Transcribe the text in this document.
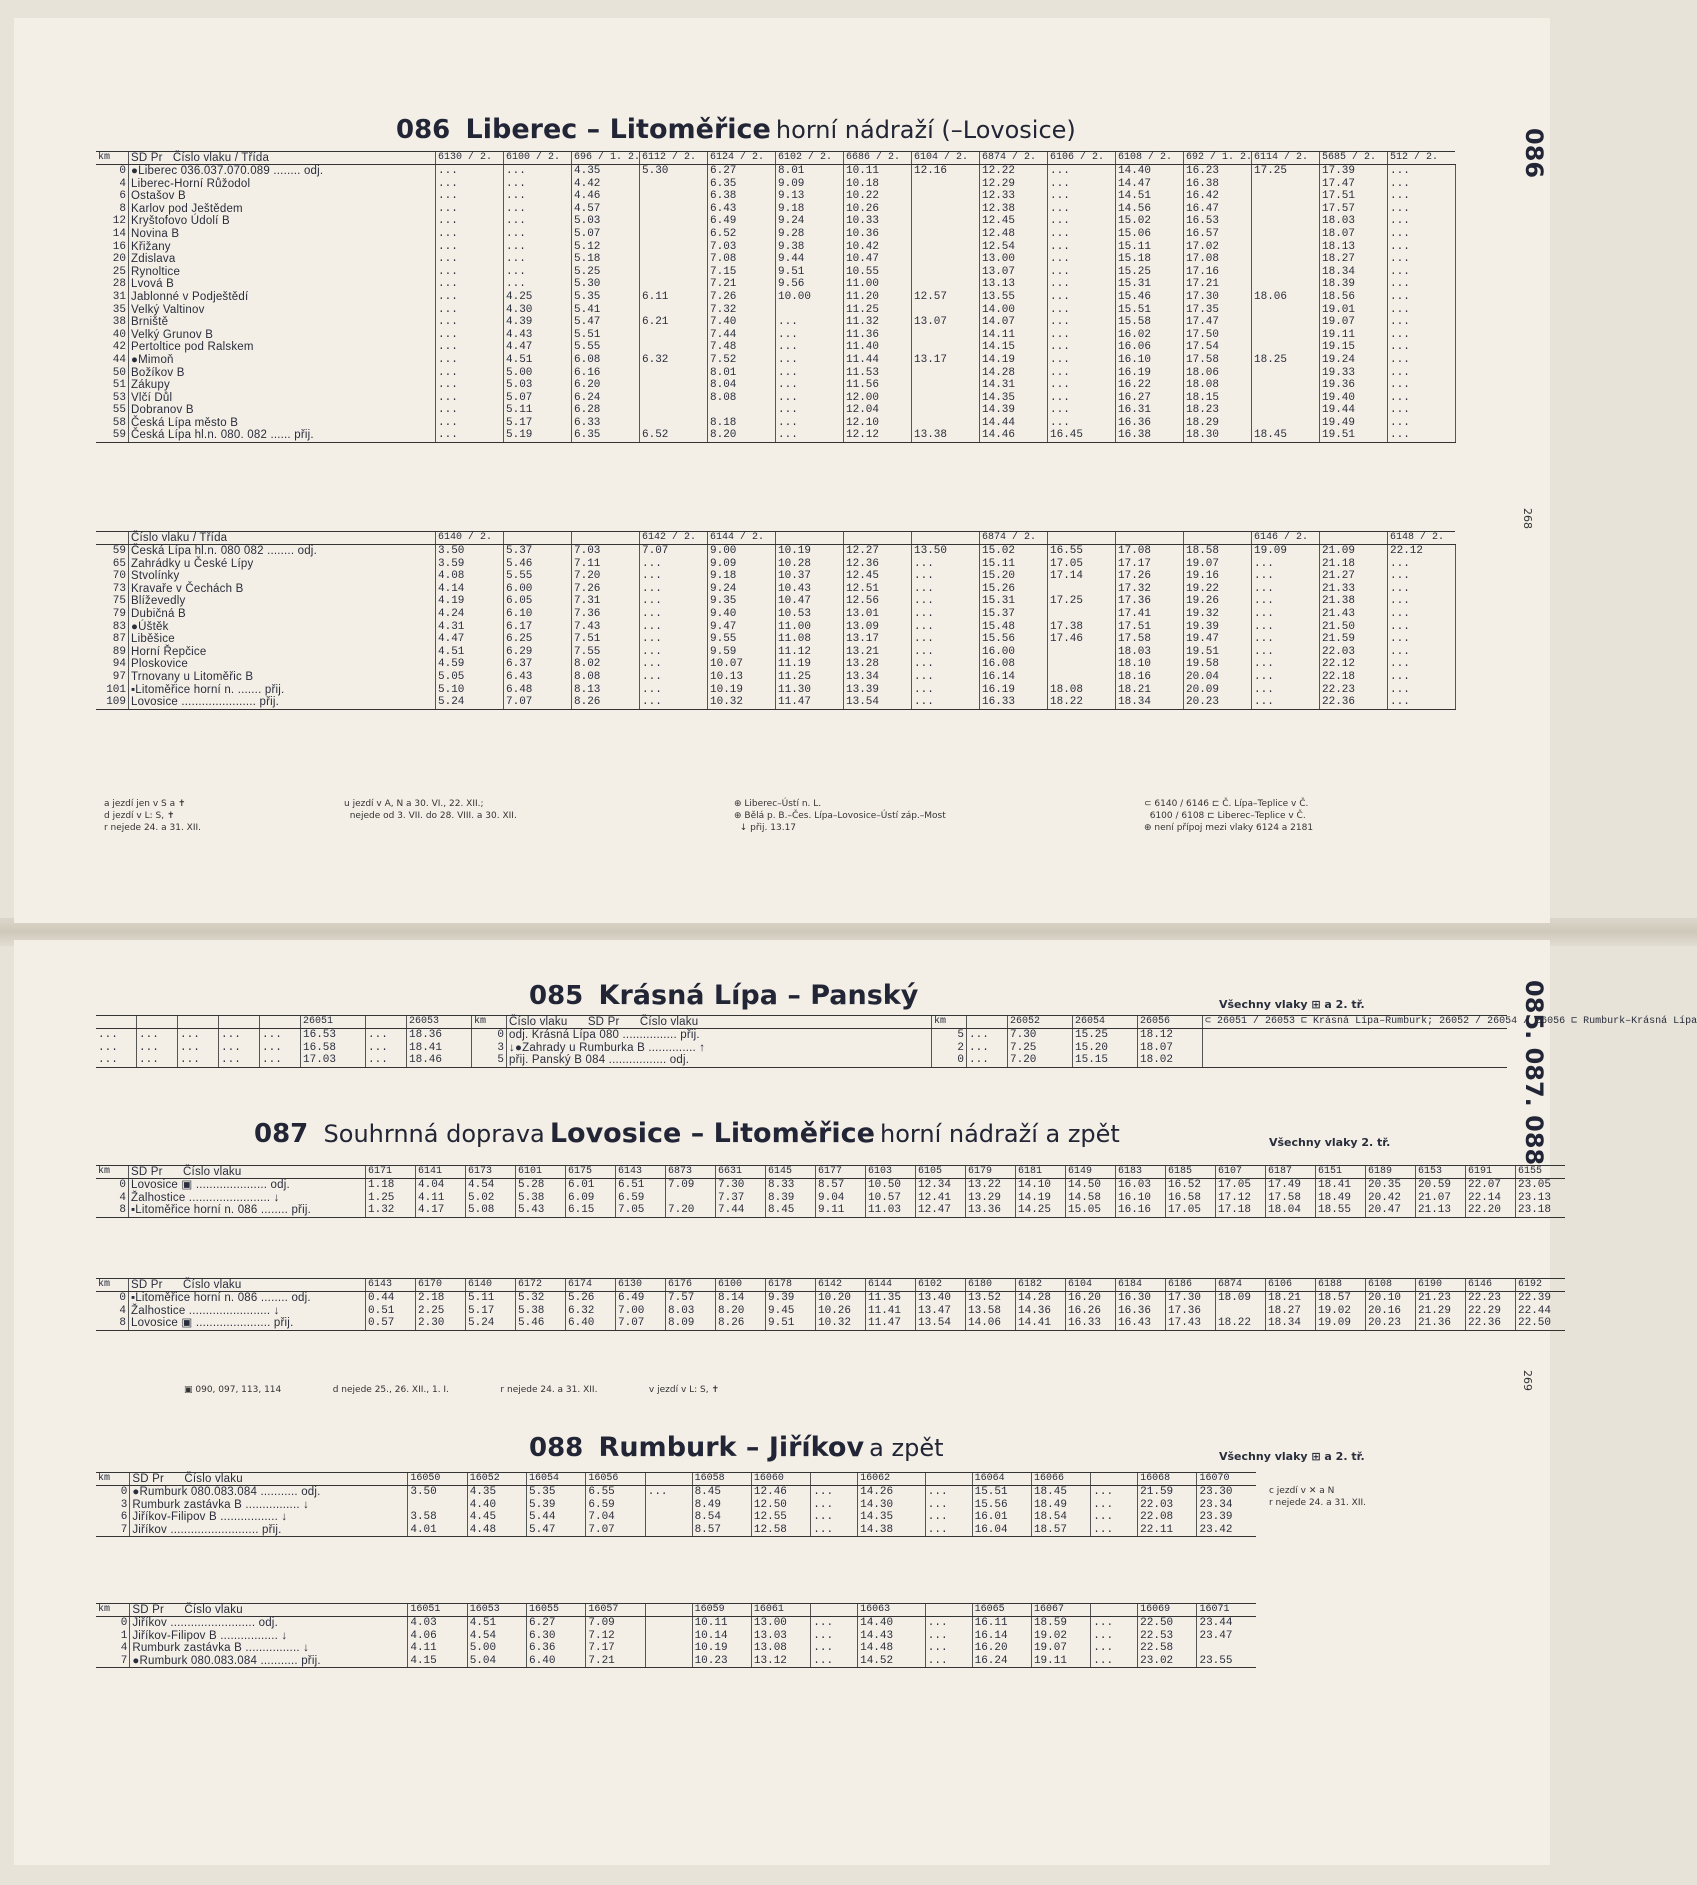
086 Liberec – Litoměřice horní nádraží (–Lovosice)	086
268
km	SD Pr   Číslo vlaku / Třída	6130 / 2.	6100 / 2.	696 / 1. 2.	6112 / 2.	6124 / 2.	6102 / 2.	6686 / 2.	6104 / 2.	6874 / 2.	6106 / 2.	6108 / 2.	692 / 1. 2.	6114 / 2.	5685 / 2.	512 / 2.	
0	●Liberec 036.037.070.089 ........ odj.	...	...	4.35	5.30	6.27	8.01	10.11	12.16	12.22	...	14.40	16.23	17.25	17.39	...		
4	Liberec-Horní Růžodol	...	...	4.42		6.35	9.09	10.18		12.29	...	14.47	16.38		17.47	...		
6	Ostašov B	...	...	4.46		6.38	9.13	10.22		12.33	...	14.51	16.42		17.51	...		
8	Karlov pod Ještědem	...	...	4.57		6.43	9.18	10.26		12.38	...	14.56	16.47		17.57	...		
12	Kryštofovo Údolí B	...	...	5.03		6.49	9.24	10.33		12.45	...	15.02	16.53		18.03	...		
14	Novina B	...	...	5.07		6.52	9.28	10.36		12.48	...	15.06	16.57		18.07	...		
16	Křižany	...	...	5.12		7.03	9.38	10.42		12.54	...	15.11	17.02		18.13	...		
20	Zdislava	...	...	5.18		7.08	9.44	10.47		13.00	...	15.18	17.08		18.27	...		
25	Rynoltice	...	...	5.25		7.15	9.51	10.55		13.07	...	15.25	17.16		18.34	...		
28	Lvová B	...	...	5.30		7.21	9.56	11.00		13.13	...	15.31	17.21		18.39	...		
31	Jablonné v Podještědí	...	4.25	5.35	6.11	7.26	10.00	11.20	12.57	13.55	...	15.46	17.30	18.06	18.56	...		
35	Velký Valtinov	...	4.30	5.41		7.32		11.25		14.00	...	15.51	17.35		19.01	...		
38	Brniště	...	4.39	5.47	6.21	7.40	...	11.32	13.07	14.07	...	15.58	17.47		19.07	...		
40	Velký Grunov B	...	4.43	5.51		7.44	...	11.36		14.11	...	16.02	17.50		19.11	...		
42	Pertoltice pod Ralskem	...	4.47	5.55		7.48	...	11.40		14.15	...	16.06	17.54		19.15	...		
44	●Mimoň	...	4.51	6.08	6.32	7.52	...	11.44	13.17	14.19	...	16.10	17.58	18.25	19.24	...		
50	Božíkov B	...	5.00	6.16		8.01	...	11.53		14.28	...	16.19	18.06		19.33	...		
51	Zákupy	...	5.03	6.20		8.04	...	11.56		14.31	...	16.22	18.08		19.36	...		
53	Vlčí Důl	...	5.07	6.24		8.08	...	12.00		14.35	...	16.27	18.15		19.40	...		
55	Dobranov B	...	5.11	6.28			...	12.04		14.39	...	16.31	18.23		19.44	...		
58	Česká Lípa město B	...	5.17	6.33		8.18	...	12.10		14.44	...	16.36	18.29		19.49	...		
59	Česká Lípa hl.n. 080. 082 ...... přij.	...	5.19	6.35	6.52	8.20	...	12.12	13.38	14.46	16.45	16.38	18.30	18.45	19.51	...		
	Číslo vlaku / Třída	6140 / 2.			6142 / 2.	6144 / 2.				6874 / 2.				6146 / 2.		6148 / 2.	
59	Česká Lípa hl.n. 080 082 ........ odj.	3.50	5.37	7.03	7.07	9.00	10.19	12.27	13.50	15.02	16.55	17.08	18.58	19.09	21.09	22.12	
65	Zahrádky u České Lípy	3.59	5.46	7.11	...	9.09	10.28	12.36	...	15.11	17.05	17.17	19.07	...	21.18	...	
70	Stvolínky	4.08	5.55	7.20	...	9.18	10.37	12.45	...	15.20	17.14	17.26	19.16	...	21.27	...	
73	Kravaře v Čechách B	4.14	6.00	7.26	...	9.24	10.43	12.51	...	15.26		17.32	19.22	...	21.33	...	
75	Blíževedly	4.19	6.05	7.31	...	9.35	10.47	12.56	...	15.31	17.25	17.36	19.26	...	21.38	...	
79	Dubičná B	4.24	6.10	7.36	...	9.40	10.53	13.01	...	15.37		17.41	19.32	...	21.43	...	
83	●Úštěk	4.31	6.17	7.43	...	9.47	11.00	13.09	...	15.48	17.38	17.51	19.39	...	21.50	...	
87	Liběšice	4.47	6.25	7.51	...	9.55	11.08	13.17	...	15.56	17.46	17.58	19.47	...	21.59	...	
89	Horní Řepčice	4.51	6.29	7.55	...	9.59	11.12	13.21	...	16.00		18.03	19.51	...	22.03	...	
94	Ploskovice	4.59	6.37	8.02	...	10.07	11.19	13.28	...	16.08		18.10	19.58	...	22.12	...	
97	Trnovany u Litoměřic B	5.05	6.43	8.08	...	10.13	11.25	13.34	...	16.14		18.16	20.04	...	22.18	...	
101	▪Litoměřice horní n. ....... přij.	5.10	6.48	8.13	...	10.19	11.30	13.39	...	16.19	18.08	18.21	20.09	...	22.23	...	
109	Lovosice ...................... přij.	5.24	7.07	8.26	...	10.32	11.47	13.54	...	16.33	18.22	18.34	20.23	...	22.36	...	
a jezdí jen v S a ✝
d jezdí v L: S, ✝
r nejede 24. a 31. XII.
u jezdí v A, N a 30. VI., 22. XII.;
nejede od 3. VII. do 28. VIII. a 30. XII.
⊕ Liberec–Ústí n. L.
⊕ Bělá p. B.–Čes. Lípa–Lovosice–Ústí záp.–Most
↓ přij. 13.17
⊂ 6140 / 6146 ⊏ Č. Lípa–Teplice v Č.
6100 / 6108 ⊏ Liberec–Teplice v Č.
⊕ není přípoj mezi vlaky 6124 a 2181
085. 087. 088
269
085 Krásná Lípa – Panský	Všechny vlaky ⊞ a 2. tř.
					26051		26053	km	Číslo vlaku      SD Pr      Číslo vlaku	km		26052	26054	26056	⊂ 26051 / 26053 ⊏ Krásná Lípa–Rumburk; 26052 / 26054 / 26056 ⊏ Rumburk–Krásná Lípa
...	...	...	...	...	16.53	...	18.36	0	odj. Krásná Lípa 080 ................ přij.	5	...	7.30	15.25	18.12	
...	...	...	...	...	16.58	...	18.41	3	↓●Zahrady u Rumburka B .............. ↑	2	...	7.25	15.20	18.07	
...	...	...	...	...	17.03	...	18.46	5	přij. Panský B 084 ................. odj.	0	...	7.20	15.15	18.02	
087 Souhrnná doprava Lovosice – Litoměřice horní nádraží a zpět	Všechny vlaky 2. tř.
km	SD Pr      Číslo vlaku	6171	6141	6173	6101	6175	6143	6873	6631	6145	6177	6103	6105	6179	6181	6149	6183	6185	6107	6187	6151	6189	6153	6191	6155
0	Lovosice ▣ ..................... odj.	1.18	4.04	4.54	5.28	6.01	6.51	7.09	7.30	8.33	8.57	10.50	12.34	13.22	14.10	14.50	16.03	16.52	17.05	17.49	18.41	20.35	20.59	22.07	23.05
4	Žalhostice ........................ ↓	1.25	4.11	5.02	5.38	6.09	6.59		7.37	8.39	9.04	10.57	12.41	13.29	14.19	14.58	16.10	16.58	17.12	17.58	18.49	20.42	21.07	22.14	23.13
8	▪Litoměřice horní n. 086 ........ přij.	1.32	4.17	5.08	5.43	6.15	7.05	7.20	7.44	8.45	9.11	11.03	12.47	13.36	14.25	15.05	16.16	17.05	17.18	18.04	18.55	20.47	21.13	22.20	23.18
km	SD Pr      Číslo vlaku	6143	6170	6140	6172	6174	6130	6176	6100	6178	6142	6144	6102	6180	6182	6104	6184	6186	6874	6106	6188	6108	6190	6146	6192
0	▪Litoměřice horní n. 086 ........ odj.	0.44	2.18	5.11	5.32	5.26	6.49	7.57	8.14	9.39	10.20	11.35	13.40	13.52	14.28	16.20	16.30	17.30	18.09	18.21	18.57	20.10	21.23	22.23	22.39
4	Žalhostice ........................ ↓	0.51	2.25	5.17	5.38	6.32	7.00	8.03	8.20	9.45	10.26	11.41	13.47	13.58	14.36	16.26	16.36	17.36		18.27	19.02	20.16	21.29	22.29	22.44
8	Lovosice ▣ ...................... přij.	0.57	2.30	5.24	5.46	6.40	7.07	8.09	8.26	9.51	10.32	11.47	13.54	14.06	14.41	16.33	16.43	17.43	18.22	18.34	19.09	20.23	21.36	22.36	22.50
▣ 090, 097, 113, 114                  d nejede 25., 26. XII., 1. I.                  r nejede 24. a 31. XII.                  v jezdí v L: S, ✝
088 Rumburk – Jiříkov a zpět	Všechny vlaky ⊞ a 2. tř.
km	SD Pr      Číslo vlaku	16050	16052	16054	16056		16058	16060		16062		16064	16066		16068	16070
0	●Rumburk 080.083.084 ........... odj.	3.50	4.35	5.35	6.55	...	8.45	12.46	...	14.26	...	15.51	18.45	...	21.59	23.30
3	Rumburk zastávka B ................ ↓		4.40	5.39	6.59		8.49	12.50	...	14.30	...	15.56	18.49	...	22.03	23.34
6	Jiříkov-Filipov B ................. ↓	3.58	4.45	5.44	7.04		8.54	12.55	...	14.35	...	16.01	18.54	...	22.08	23.39
7	Jiříkov .......................... přij.	4.01	4.48	5.47	7.07		8.57	12.58	...	14.38	...	16.04	18.57	...	22.11	23.42
c jezdí v ✕ a N
r nejede 24. a 31. XII.
km	SD Pr      Číslo vlaku	16051	16053	16055	16057		16059	16061		16063		16065	16067		16069	16071
0	Jiříkov ......................... odj.	4.03	4.51	6.27	7.09		10.11	13.00	...	14.40	...	16.11	18.59	...	22.50	23.44
1	Jiříkov-Filipov B ................. ↓	4.06	4.54	6.30	7.12		10.14	13.03	...	14.43	...	16.14	19.02	...	22.53	23.47
4	Rumburk zastávka B ................ ↓	4.11	5.00	6.36	7.17		10.19	13.08	...	14.48	...	16.20	19.07	...	22.58	
7	●Rumburk 080.083.084 ........... přij.	4.15	5.04	6.40	7.21		10.23	13.12	...	14.52	...	16.24	19.11	...	23.02	23.55
